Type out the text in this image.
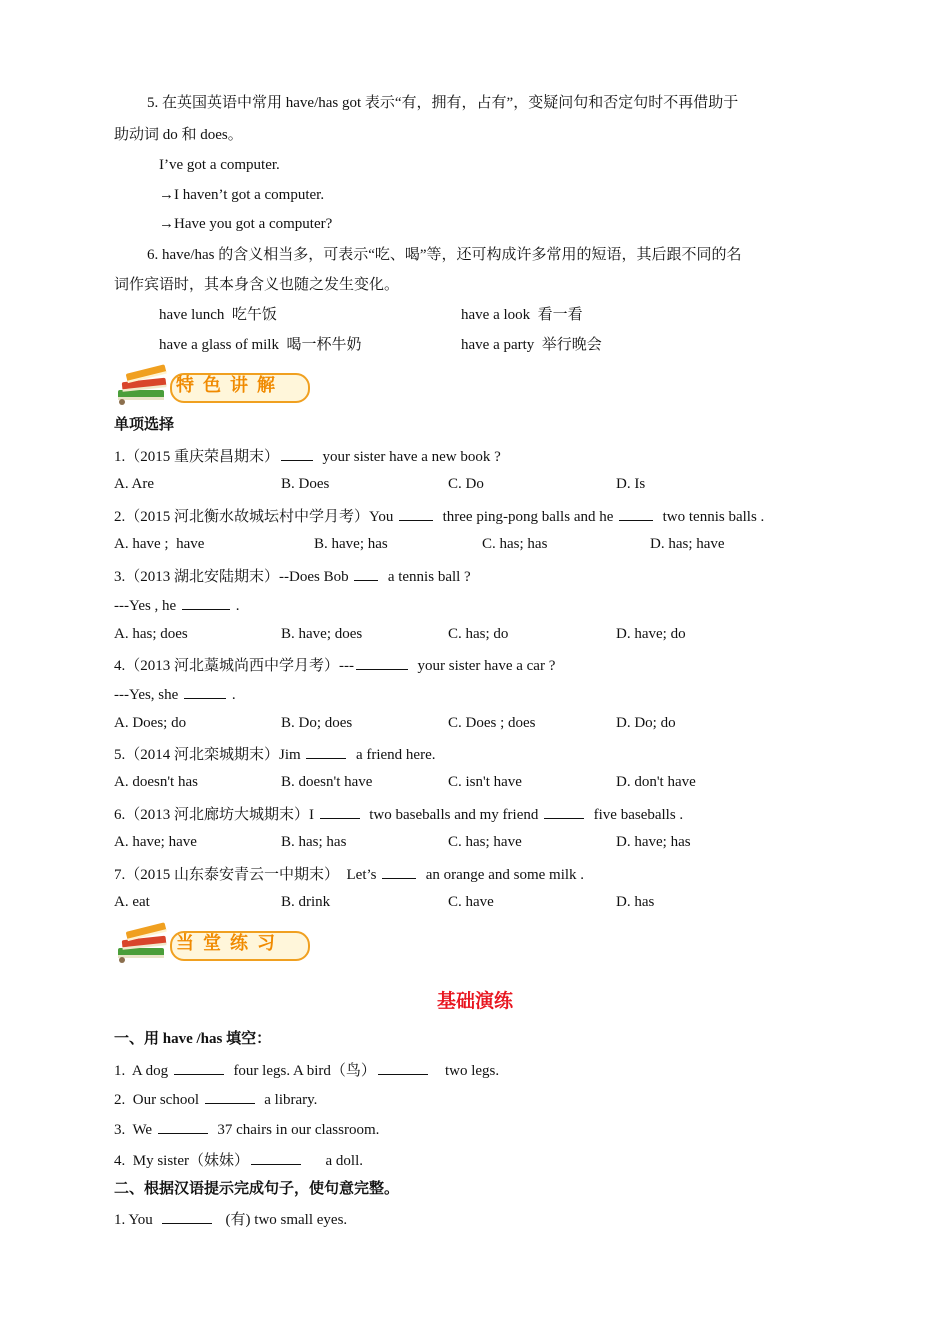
5. 在英国英语中常用 have/has got 表示“有，拥有，占有”，变疑问句和否定句时不再借助于
助动词 do 和 does。
I’ve got a computer.
→I haven’t got a computer.
→Have you got a computer?
6. have/has 的含义相当多，可表示“吃、喝”等，还可构成许多常用的短语，其后跟不同的名
词作宾语时，其本身含义也随之发生变化。
have lunch  吃午饭	have a look  看一看
have a glass of milk  喝一杯牛奶	have a party  举行晚会
特色讲解
单项选择
1.（2015 重庆荣昌期末）  your sister have a new book ?
A. Are	B. Does	C. Do	D. Is
2.（2015 河北衡水故城坛村中学月考）You	three ping-pong balls and he	two tennis balls .
A. have ;  have	B. have; has	C. has; has	D. has; have
3.（2013 湖北安陆期末）--Does Bob   a tennis ball ?
---Yes , he	.
A. has; does	B. have; does	C. has; do	D. have; do
4.（2013 河北藁城尚西中学月考）---	your sister have a car ?
---Yes, she	.
A. Does; do	B. Do; does	C. Does ; does	D. Do; do
5.（2014 河北栾城期末）Jim	a friend here.
A. doesn't has	B. doesn't have	C. isn't have	D. don't have
6.（2013 河北廊坊大城期末）I	two baseballs and my friend	five baseballs .
A. have; have	B. has; has	C. has; have	D. have; has
7.（2015 山东泰安青云一中期末）  Let’s	an orange and some milk .
A. eat	B. drink	C. have	D. has
当堂练习
基础演练
一、用 have /has 填空：
1.  A dog	four legs. A bird（鸟）	two legs.
2.  Our school	a library.
3.  We	37 chairs in our classroom.
4.  My sister（妹妹）	a doll.
二、根据汉语提示完成句子，使句意完整。
1. You	(有) two small eyes.
